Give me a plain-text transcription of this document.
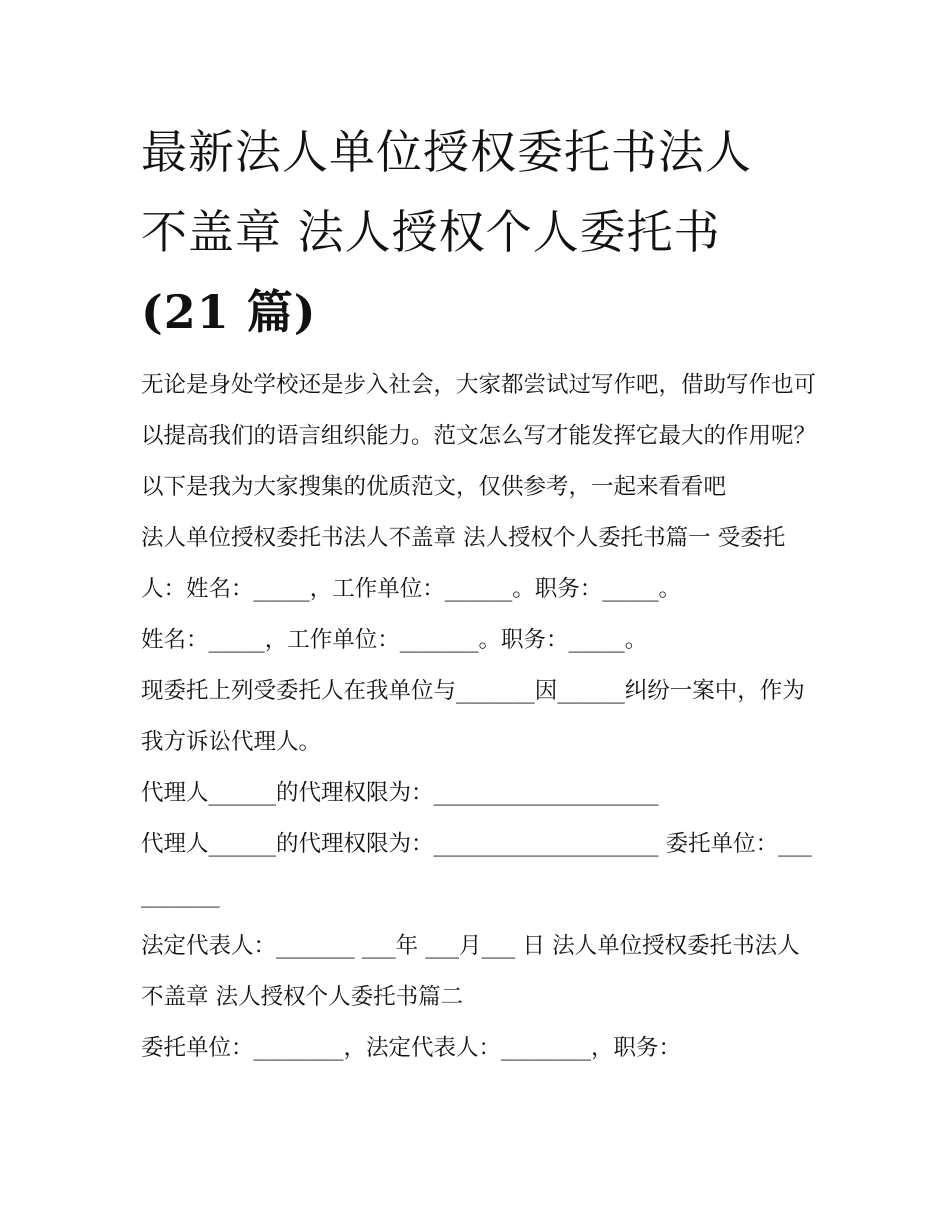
最新法人单位授权委托书法人
不盖章 法人授权个人委托书
(21 篇)

无论是身处学校还是步入社会，大家都尝试过写作吧，借助写作也可以提高我们的语言组织能力。范文怎么写才能发挥它最大的作用呢？以下是我为大家搜集的优质范文，仅供参考，一起来看看吧

法人单位授权委托书法人不盖章 法人授权个人委托书篇一 受委托人：姓名：_____，工作单位：______。职务：_____。

姓名：_____，工作单位：_______。职务：_____。

现委托上列受委托人在我单位与_______因______纠纷一案中，作为我方诉讼代理人。

代理人______的代理权限为：____________________

代理人______的代理权限为：____________________ 委托单位：__________

法定代表人：_______ ___年 ___月___ 日 法人单位授权委托书法人不盖章 法人授权个人委托书篇二

委托单位：________，法定代表人：________，职务：
